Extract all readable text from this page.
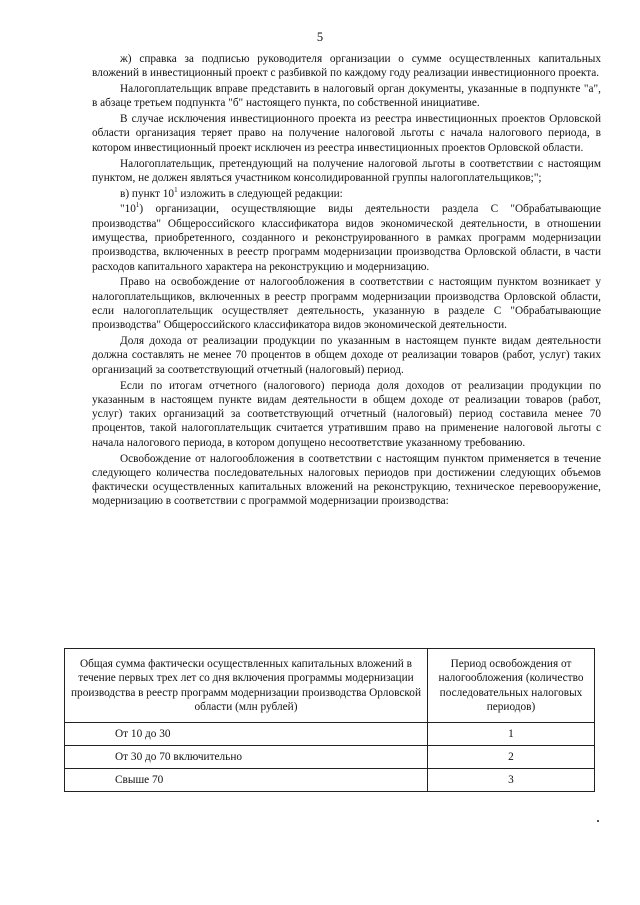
5

ж) справка за подписью руководителя организации о сумме осуществленных капитальных вложений в инвестиционный проект с разбивкой по каждому году реализации инвестиционного проекта.

Налогоплательщик вправе представить в налоговый орган документы, указанные в подпункте "а", в абзаце третьем подпункта "б" настоящего пункта, по собственной инициативе.

В случае исключения инвестиционного проекта из реестра инвестиционных проектов Орловской области организация теряет право на получение налоговой льготы с начала налогового периода, в котором инвестиционный проект исключен из реестра инвестиционных проектов Орловской области.

Налогоплательщик, претендующий на получение налоговой льготы в соответствии с настоящим пунктом, не должен являться участником консолидированной группы налогоплательщиков;";

в) пункт $10^1$ изложить в следующей редакции:

"$10^1$) организации, осуществляющие виды деятельности раздела С "Обрабатывающие производства" Общероссийского классификатора видов экономической деятельности, в отношении имущества, приобретенного, созданного и реконструированного в рамках программ модернизации производства, включенных в реестр программ модернизации производства Орловской области, в части расходов капитального характера на реконструкцию и модернизацию.

Право на освобождение от налогообложения в соответствии с настоящим пунктом возникает у налогоплательщиков, включенных в реестр программ модернизации производства Орловской области, если налогоплательщик осуществляет деятельность, указанную в разделе С "Обрабатывающие производства" Общероссийского классификатора видов экономической деятельности.

Доля дохода от реализации продукции по указанным в настоящем пункте видам деятельности должна составлять не менее 70 процентов в общем доходе от реализации товаров (работ, услуг) таких организаций за соответствующий отчетный (налоговый) период.

Если по итогам отчетного (налогового) периода доля доходов от реализации продукции по указанным в настоящем пункте видам деятельности в общем доходе от реализации товаров (работ, услуг) таких организаций за соответствующий отчетный (налоговый) период составила менее 70 процентов, такой налогоплательщик считается утратившим право на применение налоговой льготы с начала налогового периода, в котором допущено несоответствие указанному требованию.

Освобождение от налогообложения в соответствии с настоящим пунктом применяется в течение следующего количества последовательных налоговых периодов при достижении следующих объемов фактически осуществленных капитальных вложений на реконструкцию, техническое перевооружение, модернизацию в соответствии с программой модернизации производства:

Общая сумма фактически осуществленных капитальных вложений в течение первых трех лет со дня включения программы модернизации производства в реестр программ модернизации производства Орловской области (млн рублей)	Период освобождения от налогообложения (количество последовательных налоговых периодов)
От 10 до 30	1
От 30 до 70 включительно	2
Свыше 70	3
